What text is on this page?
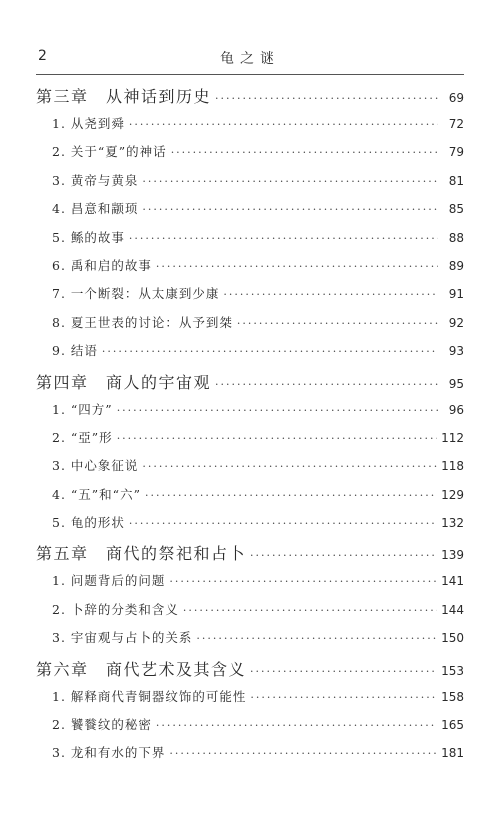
2	龟之谜
第三章　从神话到历史 ·····	69
1. 从尧到舜 ·····	72
2. 关于“夏”的神话 ·····	79
3. 黄帝与黄泉 ·····	81
4. 昌意和颛顼 ·····	85
5. 鲧的故事 ·····	88
6. 禹和启的故事 ·····	89
7. 一个断裂：从太康到少康 ·····	91
8. 夏王世表的讨论：从予到桀 ·····	92
9. 结语 ·····	93
第四章　商人的宇宙观 ·····	95
1. “四方” ·····	96
2. “亞”形 ·····	112
3. 中心象征说 ·····	118
4. “五”和“六” ·····	129
5. 龟的形状 ·····	132
第五章　商代的祭祀和占卜 ·····	139
1. 问题背后的问题 ·····	141
2. 卜辞的分类和含义 ·····	144
3. 宇宙观与占卜的关系 ·····	150
第六章　商代艺术及其含义 ·····	153
1. 解释商代青铜器纹饰的可能性 ·····	158
2. 饕餮纹的秘密 ·····	165
3. 龙和有水的下界 ·····	181
